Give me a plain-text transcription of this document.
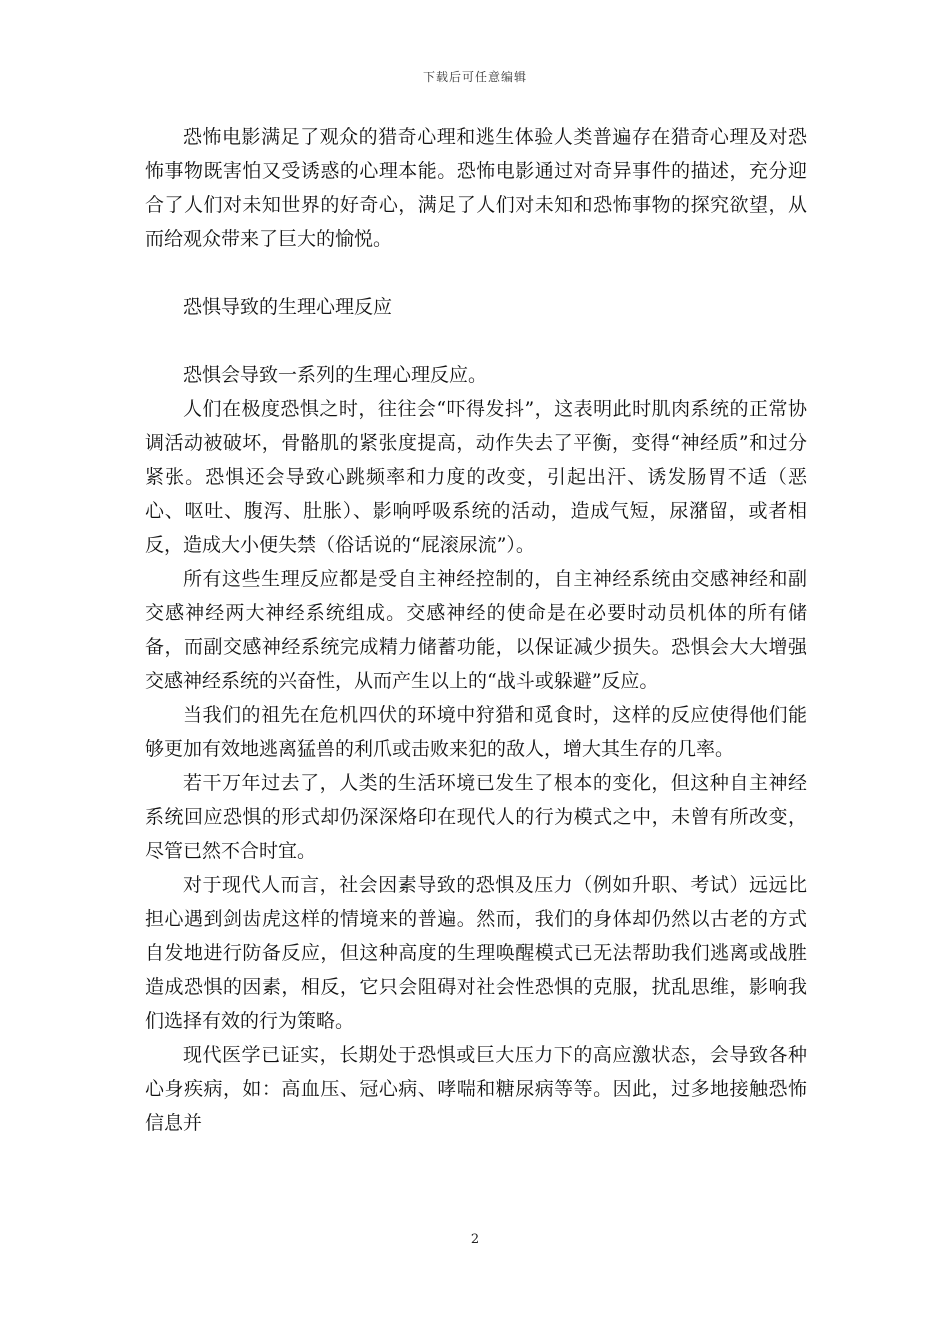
下载后可任意编辑

恐怖电影满足了观众的猎奇心理和逃生体验人类普遍存在猎奇心理及对恐怖事物既害怕又受诱惑的心理本能。恐怖电影通过对奇异事件的描述，充分迎合了人们对未知世界的好奇心，满足了人们对未知和恐怖事物的探究欲望，从而给观众带来了巨大的愉悦。

恐惧导致的生理心理反应

恐惧会导致一系列的生理心理反应。

人们在极度恐惧之时，往往会“吓得发抖”，这表明此时肌肉系统的正常协调活动被破坏，骨骼肌的紧张度提高，动作失去了平衡，变得“神经质”和过分紧张。恐惧还会导致心跳频率和力度的改变，引起出汗、诱发肠胃不适（恶心、呕吐、腹泻、肚胀）、影响呼吸系统的活动，造成气短，尿潴留，或者相反，造成大小便失禁（俗话说的“屁滚尿流”）。

所有这些生理反应都是受自主神经控制的，自主神经系统由交感神经和副交感神经两大神经系统组成。交感神经的使命是在必要时动员机体的所有储备，而副交感神经系统完成精力储蓄功能，以保证减少损失。恐惧会大大增强交感神经系统的兴奋性，从而产生以上的“战斗或躲避”反应。

当我们的祖先在危机四伏的环境中狩猎和觅食时，这样的反应使得他们能够更加有效地逃离猛兽的利爪或击败来犯的敌人，增大其生存的几率。

若干万年过去了，人类的生活环境已发生了根本的变化，但这种自主神经系统回应恐惧的形式却仍深深烙印在现代人的行为模式之中，未曾有所改变，尽管已然不合时宜。

对于现代人而言，社会因素导致的恐惧及压力（例如升职、考试）远远比担心遇到剑齿虎这样的情境来的普遍。然而，我们的身体却仍然以古老的方式自发地进行防备反应，但这种高度的生理唤醒模式已无法帮助我们逃离或战胜造成恐惧的因素，相反，它只会阻碍对社会性恐惧的克服，扰乱思维，影响我们选择有效的行为策略。

现代医学已证实，长期处于恐惧或巨大压力下的高应激状态，会导致各种心身疾病，如：高血压、冠心病、哮喘和糖尿病等等。因此，过多地接触恐怖信息并

2
